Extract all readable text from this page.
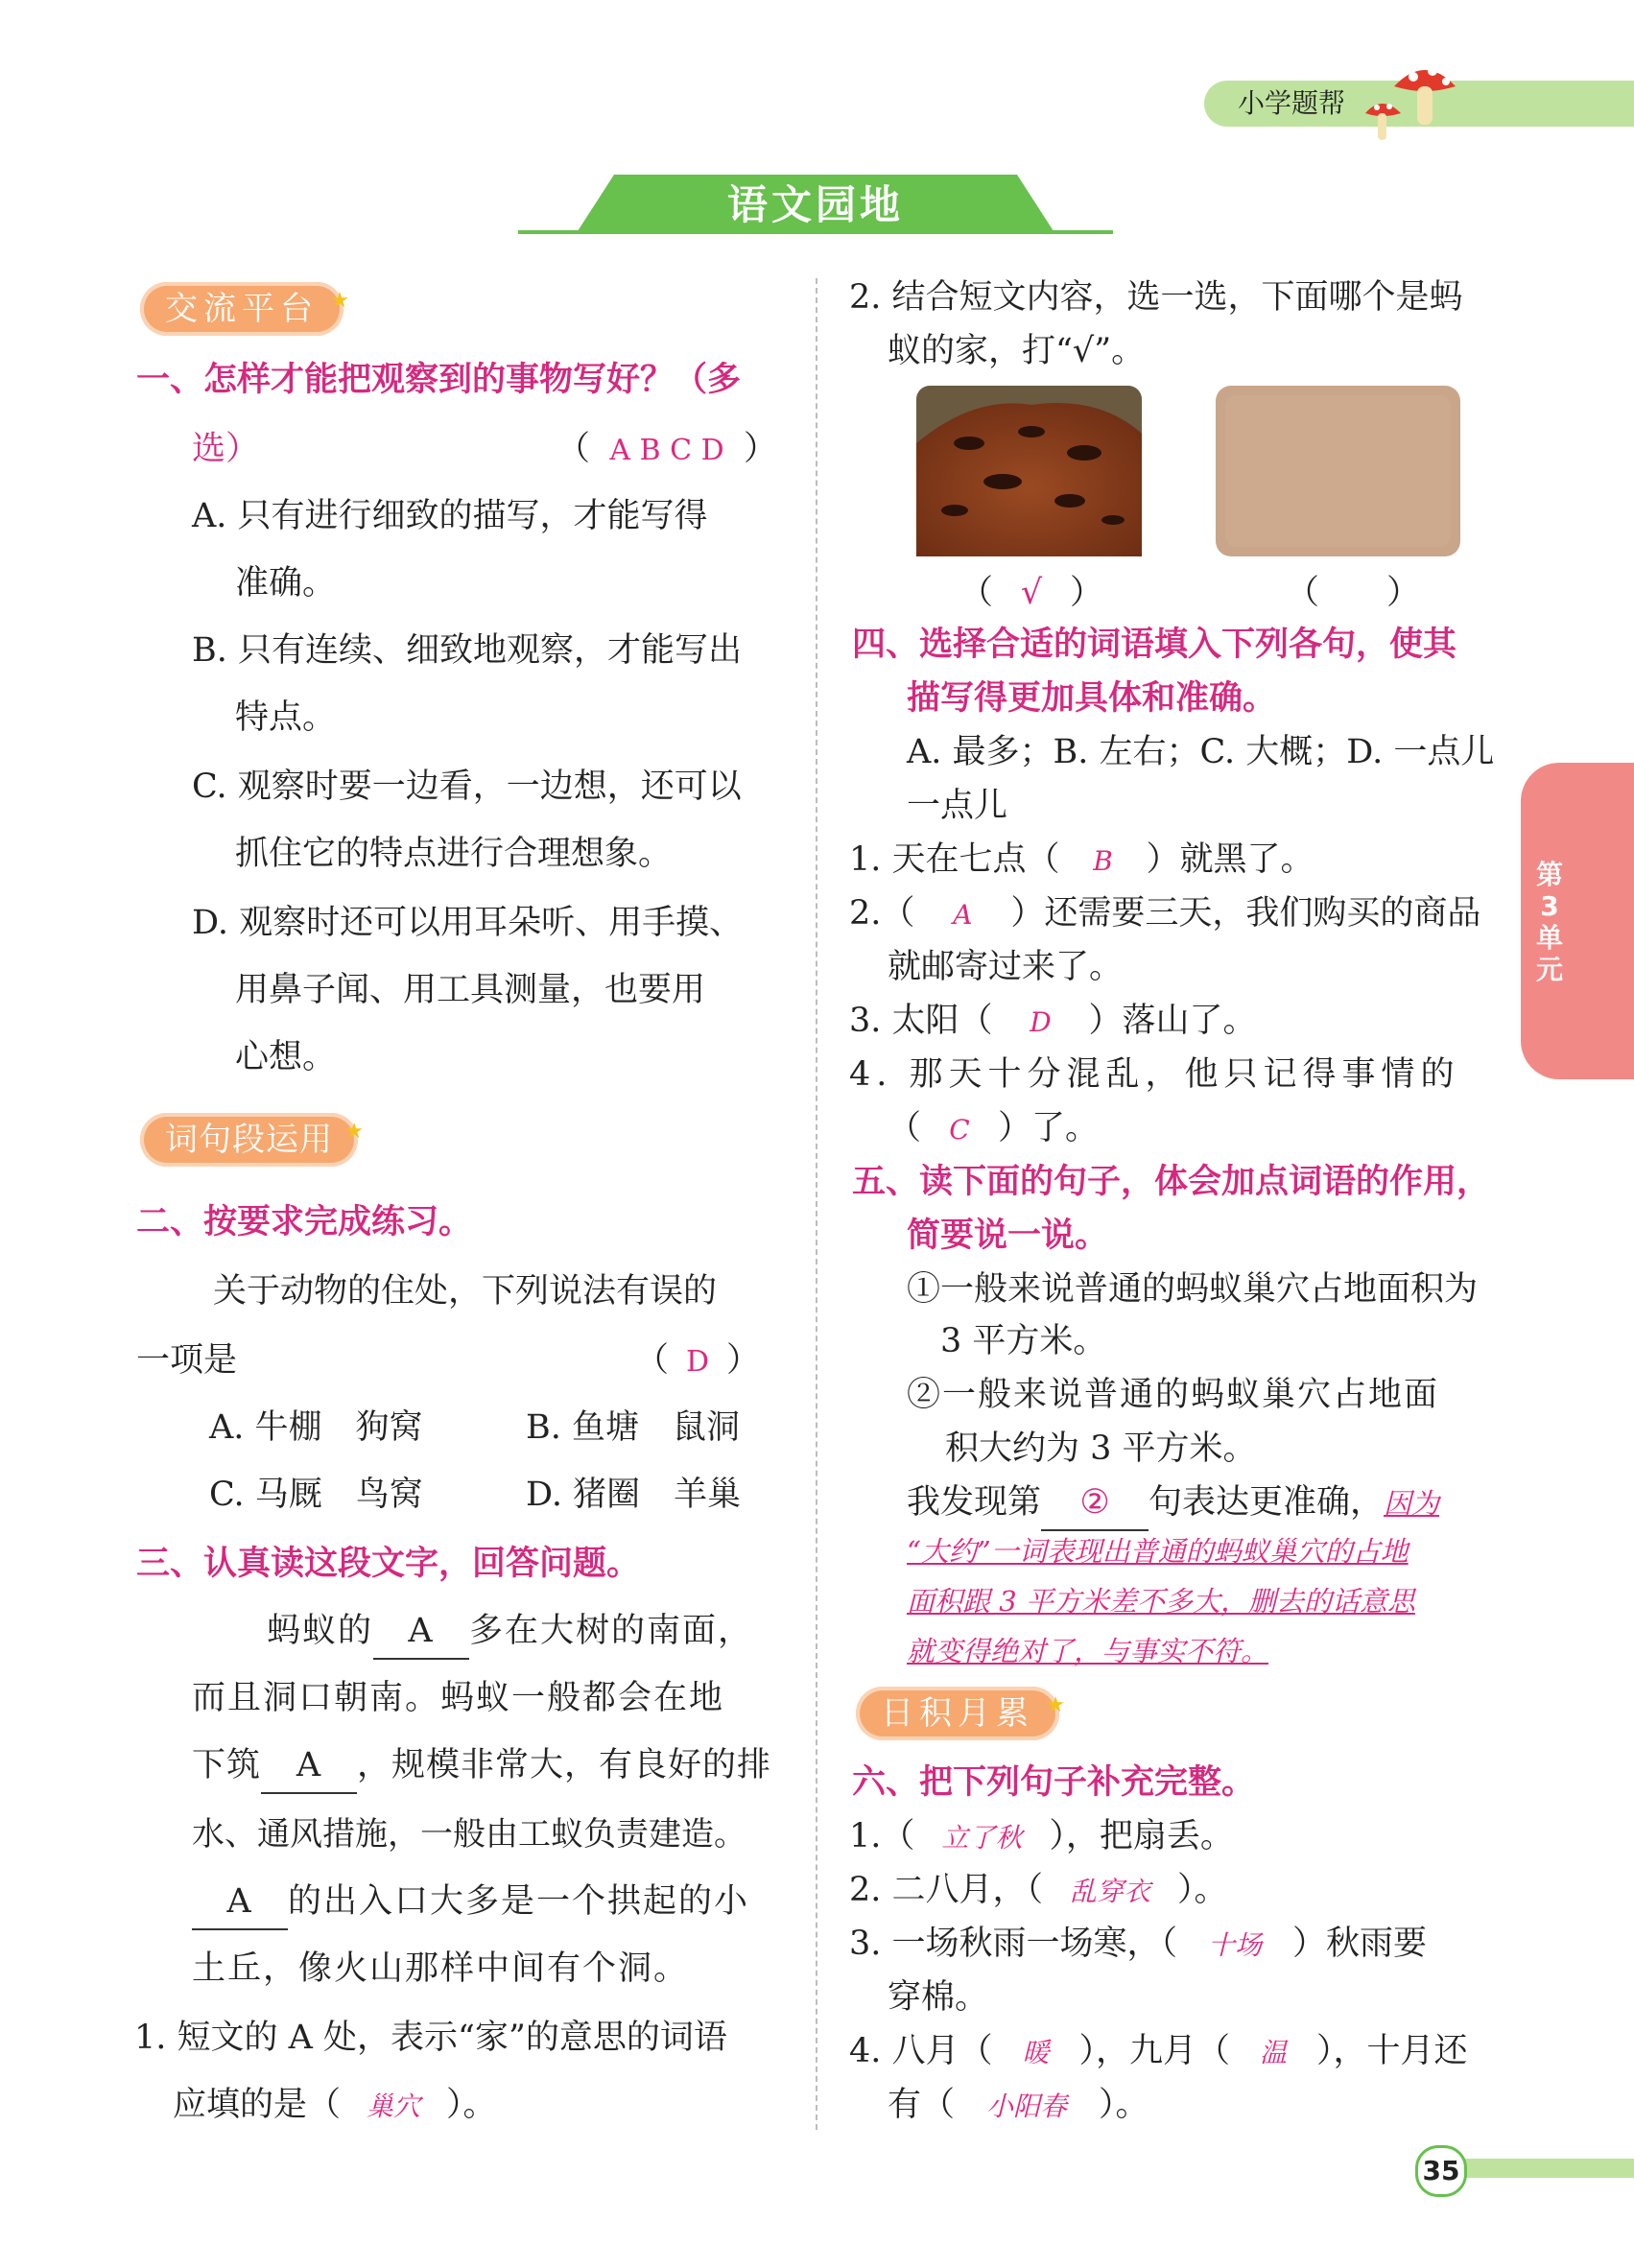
小学题帮
语文园地
第
3
单
元
35
交流平台 ★
一、怎样才能把观察到的事物写好？（多
选）	（ A B C D ）
A. 只有进行细致的描写，才能写得
准确。
B. 只有连续、细致地观察，才能写出
特点。
C. 观察时要一边看，一边想，还可以
抓住它的特点进行合理想象。
D. 观察时还可以用耳朵听、用手摸、
用鼻子闻、用工具测量，也要用
心想。
词句段运用 ★
二、按要求完成练习。
关于动物的住处，下列说法有误的
一项是	（ D ）
A. 牛棚　狗窝	B. 鱼塘　鼠洞
C. 马厩　鸟窝	D. 猪圈　羊巢
三、认真读这段文字，回答问题。
蚂蚁的 A 多在大树的南面，
而且洞口朝南。蚂蚁一般都会在地
下筑 A ，规模非常大，有良好的排
水、通风措施，一般由工蚁负责建造。
A 的出入口大多是一个拱起的小
土丘，像火山那样中间有个洞。
1. 短文的 A 处，表示“家”的意思的词语
应填的是（ 巢穴 ）。
2. 结合短文内容，选一选，下面哪个是蚂
蚁的家，打“√”。
（ √ ）	（ ）
四、选择合适的词语填入下列各句，使其
描写得更加具体和准确。
A. 最多；B. 左右；C. 大概；D. 一点儿
一点儿
1. 天在七点（ B ）就黑了。
2.（ A ）还需要三天，我们购买的商品
就邮寄过来了。
3. 太阳（ D ）落山了。
4. 那天十分混乱，他只记得事情的
（ C ）了。
五、读下面的句子，体会加点词语的作用，
简要说一说。
①一般来说普通的蚂蚁巢穴占地面积为
3 平方米。
②一般来说普通的蚂蚁巢穴占地面
积大约为 3 平方米。
我发现第 ② 句表达更准确，因为
“大约”一词表现出普通的蚂蚁巢穴的占地
面积跟 3 平方米差不多大，删去的话意思
就变得绝对了，与事实不符。
日积月累 ★
六、把下列句子补充完整。
1.（ 立了秋 ），把扇丢。
2. 二八月，（ 乱穿衣 ）。
3. 一场秋雨一场寒，（ 十场 ）秋雨要
穿棉。
4. 八月（ 暖 ），九月（ 温 ），十月还
有（ 小阳春 ）。
